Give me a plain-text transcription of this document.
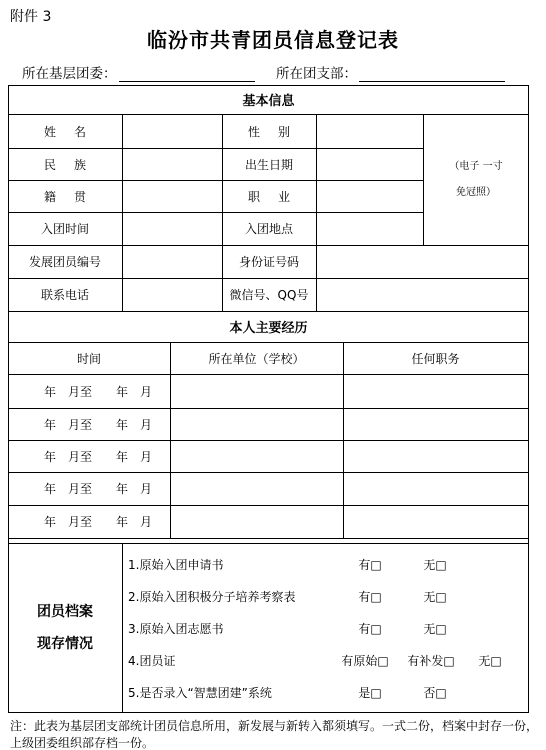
附件 3
临汾市共青团员信息登记表
所在基层团委：	所在团支部：
基本信息
姓名	性别
民族	出生日期
籍贯	职业
入团时间	入团地点
（电子 一寸
免冠照）
发展团员编号	身份证号码
联系电话	微信号、QQ号
本人主要经历
时间	所在单位（学校）	任何职务
年　月至　　年　月
年　月至　　年　月
年　月至　　年　月
年　月至　　年　月
年　月至　　年　月
团员档案
现存情况
1.原始入团申请书	有□	无□
2.原始入团积极分子培养考察表	有□	无□
3.原始入团志愿书	有□	无□
4.团员证	有原始□	有补发□	无□
5.是否录入“智慧团建”系统	是□	否□
注：此表为基层团支部统计团员信息所用，新发展与新转入都须填写。一式二份，档案中封存一份，上级团委组织部存档一份。
